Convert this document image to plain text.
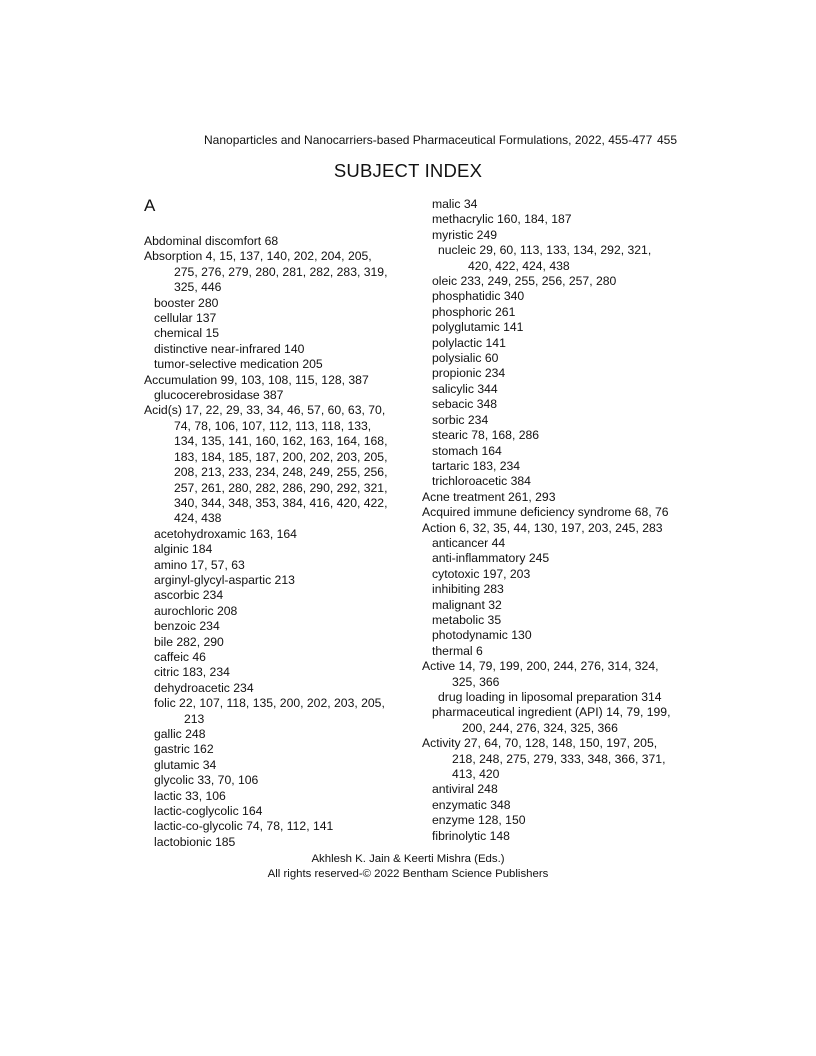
Nanoparticles and Nanocarriers-based Pharmaceutical Formulations, 2022, 455-477 455
SUBJECT INDEX
A
Abdominal discomfort 68
Absorption 4, 15, 137, 140, 202, 204, 205,
275, 276, 279, 280, 281, 282, 283, 319,
325, 446
booster 280
cellular 137
chemical 15
distinctive near-infrared 140
tumor-selective medication 205
Accumulation 99, 103, 108, 115, 128, 387
glucocerebrosidase 387
Acid(s) 17, 22, 29, 33, 34, 46, 57, 60, 63, 70,
74, 78, 106, 107, 112, 113, 118, 133,
134, 135, 141, 160, 162, 163, 164, 168,
183, 184, 185, 187, 200, 202, 203, 205,
208, 213, 233, 234, 248, 249, 255, 256,
257, 261, 280, 282, 286, 290, 292, 321,
340, 344, 348, 353, 384, 416, 420, 422,
424, 438
acetohydroxamic 163, 164
alginic 184
amino 17, 57, 63
arginyl-glycyl-aspartic 213
ascorbic 234
aurochloric 208
benzoic 234
bile 282, 290
caffeic 46
citric 183, 234
dehydroacetic 234
folic 22, 107, 118, 135, 200, 202, 203, 205,
213
gallic 248
gastric 162
glutamic 34
glycolic 33, 70, 106
lactic 33, 106
lactic-coglycolic 164
lactic-co-glycolic 74, 78, 112, 141
lactobionic 185
malic 34
methacrylic 160, 184, 187
myristic 249
nucleic 29, 60, 113, 133, 134, 292, 321,
420, 422, 424, 438
oleic 233, 249, 255, 256, 257, 280
phosphatidic 340
phosphoric 261
polyglutamic 141
polylactic 141
polysialic 60
propionic 234
salicylic 344
sebacic 348
sorbic 234
stearic 78, 168, 286
stomach 164
tartaric 183, 234
trichloroacetic 384
Acne treatment 261, 293
Acquired immune deficiency syndrome 68, 76
Action 6, 32, 35, 44, 130, 197, 203, 245, 283
anticancer 44
anti-inflammatory 245
cytotoxic 197, 203
inhibiting 283
malignant 32
metabolic 35
photodynamic 130
thermal 6
Active 14, 79, 199, 200, 244, 276, 314, 324,
325, 366
drug loading in liposomal preparation 314
pharmaceutical ingredient (API) 14, 79, 199,
200, 244, 276, 324, 325, 366
Activity 27, 64, 70, 128, 148, 150, 197, 205,
218, 248, 275, 279, 333, 348, 366, 371,
413, 420
antiviral 248
enzymatic 348
enzyme 128, 150
fibrinolytic 148
Akhlesh K. Jain & Keerti Mishra (Eds.)
All rights reserved-© 2022 Bentham Science Publishers
